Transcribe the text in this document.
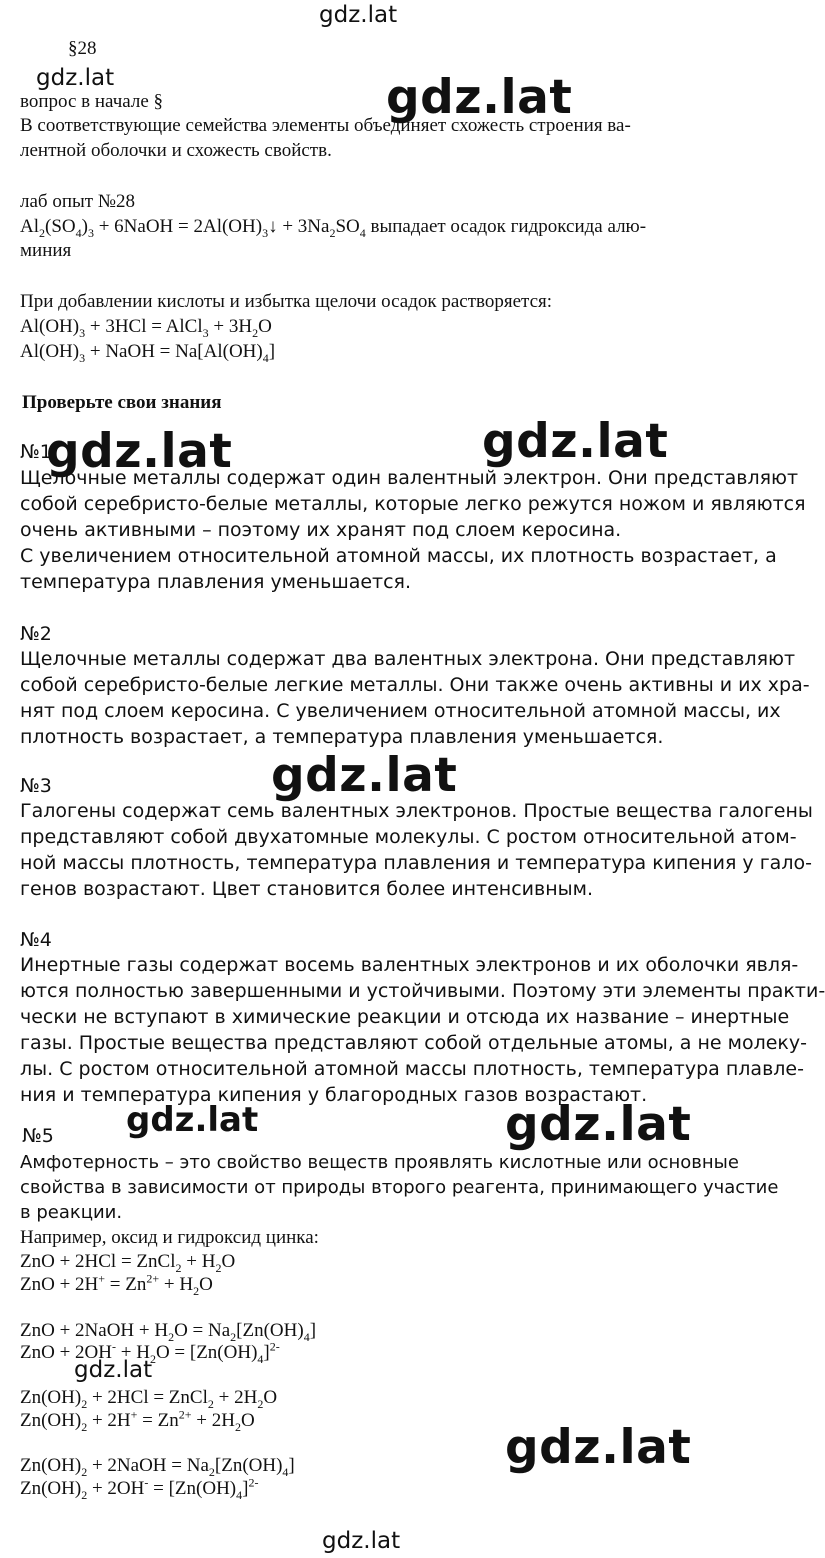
gdz.lat
§28
gdz.lat	gdz.lat
вопрос в начале §
В соответствующие семейства элементы объединяет схожесть строения ва-
лентной оболочки и схожесть свойств.
лаб опыт №28
$Al_2(SO_4)_3$ + 6NaOH = $2Al(OH)_3↓ + 3Na_2SO_4$ выпадает осадок гидроксида алю-
миния
При добавлении кислоты и избытка щелочи осадок растворяется:
$Al(OH)_3 + 3HCl$ = AlCl$_3$ + $3H_2O$
$Al(OH)_3$ + NaOH = $Na[Al(OH)_4]$
Проверьте свои знания
№1
gdz.lat	gdz.lat
Щелочные металлы содержат один валентный электрон. Они представляют
собой серебристо-белые металлы, которые легко режутся ножом и являются
очень активными – поэтому их хранят под слоем керосина.
С увеличением относительной атомной массы, их плотность возрастает, а
температура плавления уменьшается.
№2
Щелочные металлы содержат два валентных электрона. Они представляют
собой серебристо-белые легкие металлы. Они также очень активны и их хра-
нят под слоем керосина. С увеличением относительной атомной массы, их
плотность возрастает, а температура плавления уменьшается.
gdz.lat
№3
Галогены содержат семь валентных электронов. Простые вещества галогены
представляют собой двухатомные молекулы. С ростом относительной атом-
ной массы плотность, температура плавления и температура кипения у гало-
генов возрастают. Цвет становится более интенсивным.
№4
Инертные газы содержат восемь валентных электронов и их оболочки явля-
ются полностью завершенными и устойчивыми. Поэтому эти элементы практи-
чески не вступают в химические реакции и отсюда их название – инертные
газы. Простые вещества представляют собой отдельные атомы, а не молеку-
лы. С ростом относительной атомной массы плотность, температура плавле-
ния и температура кипения у благородных газов возрастают.
gdz.lat	gdz.lat
№5
Амфотерность – это свойство веществ проявлять кислотные или основные
свойства в зависимости от природы второго реагента, принимающего участие
в реакции.
Например, оксид и гидроксид цинка:
ZnO + 2HCl = ZnCl$_2$ + $H_2O$
ZnO + $2H^+ = Zn^{2+} + H_2O$
ZnO + 2NaOH + $H_2O = Na_2[Zn(OH)_4]$
ZnO + $2OH^- + H_2O = [Zn(OH)_4]^{2-}$
gdz.lat
$Zn(OH)_2 + 2HCl$ = ZnCl$_2$ + $2H_2O$
$Zn(OH)_2 + 2H^+ = Zn^{2+} + 2H_2O$	gdz.lat
$Zn(OH)_2$ + 2NaOH = $Na_2[Zn(OH)_4]$
$Zn(OH)_2 + 2OH^- = [Zn(OH)_4]^{2-}$
gdz.lat
